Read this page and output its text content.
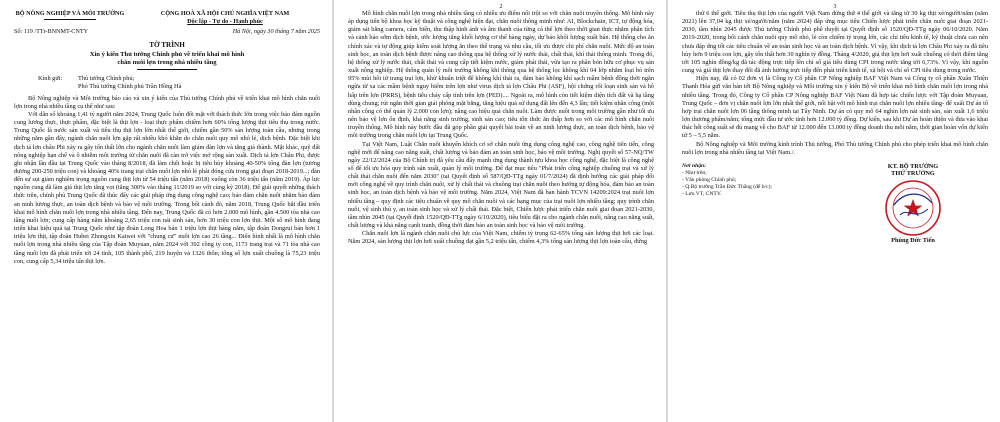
BỘ NÔNG NGHIỆP VÀ MÔI TRƯỜNG	CỘNG HOÀ XÃ HỘI CHỦ NGHĨA VIỆT NAM
Độc lập - Tự do - Hạnh phúc
Số: 119 /TTr-BNNMT-CNTY	Hà Nội, ngày 30 tháng 7 năm 2025
TỜ TRÌNH
Xin ý kiến Thủ tướng Chính phủ về triển khai mô hình
chăn nuôi lợn trong nhà nhiều tầng
Kính gửi:	Thủ tướng Chính phủ;
Phó Thủ tướng Chính phủ Trần Hồng Hà

Bộ Nông nghiệp và Môi trường báo cáo và xin ý kiến của Thủ tướng Chính phủ về triển khai mô hình chăn nuôi lợn trong nhà nhiều tầng cụ thể như sau:

Với dân số khoảng 1,41 tỷ người năm 2024, Trung Quốc luôn đối mặt với thách thức lớn trong việc bảo đảm nguồn cung lương thực, thực phẩm, đặc biệt là thịt lợn - loại thực phẩm chiếm hơn 60% tổng lượng thịt tiêu thụ trong nước. Trung Quốc là nước sản xuất và tiêu thụ thịt lợn lớn nhất thế giới, chiếm gần 50% sản lượng toàn cầu, nhưng trong những năm gần đây, ngành chăn nuôi lợn gặp rất nhiều khó khăn do chăn nuôi quy mô nhỏ lẻ, dịch bệnh. Đặc biệt khi dịch tả lợn châu Phi xảy ra gây tổn thất lớn cho ngành chăn nuôi làm giảm đàn lợn và tăng giá thành. Mặt khác, quỹ đất nông nghiệp hạn chế và ô nhiễm môi trường từ chăn nuôi đã càn trở việc mở rộng sản xuất. Dịch tả lợn Châu Phi, được ghi nhận lần đầu tại Trung Quốc vào tháng 8/2018, đã làm chết hoặc bị tiêu hủy khoảng 40-50% tổng đàn lợn (tương đương 200-250 triệu con) và khoảng 40% trang trại chăn nuôi lợn nhỏ lẻ phải đóng cửa trong giai đoạn 2018-2019...; đàn đến sự sụt giảm nghiêm trọng nguồn cung thịt lợn từ 54 triệu tấn (năm 2018) xuống còn 36 triệu tấn (năm 2019). Áp lực nguồn cung đã làm giá thịt lợn tăng vọt (tăng 300% vào tháng 11/2019 so với cùng kỳ 2018). Để giải quyết những thách thức trên, chính phủ Trung Quốc đã thúc đẩy các giải pháp ứng dụng công nghệ cao; bảo đảm chăn nuôi nhằm bảo đảm an ninh lương thực, an toàn dịch bệnh và bảo vệ môi trường. Trong bối cảnh đó, năm 2018, Trung Quốc bắt đầu triển khai mô hình chăn nuôi lợn trong nhà nhiều tầng. Đến nay, Trung Quốc đã có hơn 2.000 mô hình, gần 4.500 tòa nhà cao tầng nuôi lợn; cung cấp hàng năm khoảng 2,65 triệu con nái sinh sản, hơn 30 triệu con lợn thịt. Một số mô hình đang triển khai hiệu quả tại Trung Quốc như tập đoàn Long Hoa bán 1 triệu lợn thịt hàng năm, tập đoàn Dongrui bán hơn 1 triệu lợn thịt, tập đoàn Hubei Zhongxin Kaiwei với "chung cư" nuôi lợn cao 26 tầng... Điển hình nhất là mô hình chăn nuôi lợn trong nhà nhiều tầng của Tập đoàn Muyuan, năm 2024 với 392 công ty con, 1173 trang trại và 71 tòa nhà cao tầng nuôi lợn đã phát triển tới 24 tỉnh, 105 thành phố, 219 huyện và 1326 thôn; tổng số lợn xuất chuồng là 75,23 triệu con, cung cấp 5,34 triệu tấn thịt lợn.

2

Mô hình chăn nuôi lợn trong nhà nhiều tầng có nhiều ưu điểm nổi trội so với chăn nuôi truyền thống. Mô hình này áp dụng tiến bộ khoa học kỹ thuật và công nghệ hiện đại, chăn nuôi thông minh như: AI, Blockchain, ICT, tự động hóa, giám sát bằng camera, cảm biến, thu thập hình ảnh và âm thanh của từng cá thể lợn theo thời gian thực nhằm phân tích và cảnh báo sớm dịch bệnh, ước lượng tăng khối lượng cơ thể hàng ngày, dự báo khối lượng xuất bán. Hệ thống cho ăn chính xác và tự động giúp kiểm soát lượng ăn theo thể trạng và nhu cầu, tối ưu được chi phí chăn nuôi. Mức độ an toàn sinh học, an toàn dịch bệnh được nâng cao thông qua hệ thống xử lý nước thải, chất thải, khí thải thông minh. Trong đó, hệ thống xử lý nước thải, chất thải và cung cấp tiết kiệm nước, giảm phát thải, vừa tạo ra phân bón hữu cơ phục vụ sản xuất nông nghiệp. Hệ thống quản lý môi trường không khí thông qua hệ thống lọc không khí 04 lớp nhằm loại bỏ trên 95% mùi hôi từ trang trại lợn, khử khuẩn triệt để không khí thải ra, đảm bảo không khí sạch mầm bệnh đồng thời ngăn ngừa từ xa các mầm bệnh nguy hiểm trên lợn như virus dịch tả lợn Châu Phi (ASF), hội chứng rối loạn sinh sản và hô hấp trên lợn (PRRS), bệnh tiêu chảy cấp tính trên lợn (PED).... Ngoài ra, mô hình còn tiết kiệm diện tích đất và hạ tầng dùng chung; rút ngắn thời gian giải phóng mặt bằng, tăng hiệu quả sử dụng đất lên đến 4,3 lần; tiết kiệm nhân công (một nhân công có thể quản lý 2.000 con lợn); nâng cao hiệu quả chăn nuôi. Làm được nuôi trong môi trường gần như tối ưu nên bảo vệ lợn ổn định, khả năng sinh trưởng, sinh sản cao; tiêu tốn thức ăn thấp hơn so với các mô hình chăn nuôi truyền thống. Mô hình này bước đầu đã góp phần giải quyết bài toán về an ninh lương thực, an toàn dịch bệnh, bảo vệ môi trường trong chăn nuôi lợn tại Trung Quốc.

Tại Việt Nam, Luật Chăn nuôi khuyến khích cơ sở chăn nuôi ứng dụng công nghệ cao, công nghệ tiên tiến, công nghệ mới để nâng cao năng suất, chất lượng và bảo đảm an toàn sinh học, bảo vệ môi trường. Nghị quyết số 57-NQ/TW ngày 22/12/2024 của Bộ Chính trị đã yêu cầu đẩy mạnh ứng dụng thành tựu khoa học công nghệ, đặc biệt là công nghệ số để tối ưu hóa quy trình sản xuất, quản lý môi trường. Để đạt mục tiêu "Phát triển công nghiệp chuồng trại và xử lý chất thải chăn nuôi đến năm 2030" (tại Quyết định số 587/QĐ-TTg ngày 01/7/2024) đã định hướng các giải pháp đổi mới công nghệ về quy trình chăn nuôi, xử lý chất thải và chuồng trại chăn nuôi theo hướng tự động hóa, đảm bảo an toàn sinh học, an toàn dịch bệnh và bảo vệ môi trường. Năm 2024, Việt Nam đã ban hành TCVN 14209:2024 trại nuôi lợn nhiều tầng – quy định các tiêu chuẩn về quy mô chăn nuôi và các hạng mục của trại nuôi lợn nhiều tầng; quy trình chăn nuôi, vệ sinh thú y, an toàn sinh học và xử lý chất thải. Đặc biệt, Chiến lược phát triển chăn nuôi giai đoạn 2021-2030, tầm nhìn 2045 (tại Quyết định 1520/QĐ-TTg ngày 6/10/2020), tiêu biểu đặt ra cho ngành chăn nuôi, nâng cao năng suất, chất lượng và khả năng cạnh tranh, đồng thời đảm bảo an toàn sinh học và bảo vệ môi trường.

Chăn nuôi lợn là ngành chăn nuôi chủ lực của Việt Nam, chiếm tỷ trọng 62-65% tổng sản lượng thịt hơi các loại. Năm 2024, sản lượng thịt lợn hơi xuất chuồng đạt gần 5,2 triệu tấn, chiếm 4,3% tổng sản lượng thịt lợn toàn cầu, đứng

3

thứ 6 thế giới. Tiêu thụ thịt lợn của người Việt Nam đứng thứ 4 thế giới và tăng từ 30 kg thịt xẻ/người/năm (năm 2021) lên 37,04 kg thịt xẻ/người/năm (năm 2024) đáp ứng mục tiêu Chiến lược phát triển chăn nuôi giai đoạn 2021-2030, tầm nhìn 2045 được Thủ tướng Chính phủ phê duyệt tại Quyết định số 1520/QĐ-TTg ngày 06/10/2020. Năm 2019-2020, trong bối cảnh chăn nuôi quy mô nhỏ, lẻ còn chiếm tỷ trọng lớn, các chỉ tiêu kinh tế, kỹ thuật chưa cao nên chưa đáp ứng tốt các tiêu chuẩn về an toàn sinh học và an toàn dịch bệnh. Vì vậy, khi dịch tả lợn Châu Phi xảy ra đã tiêu hủy hơn 9 triệu con lợn, gây tổn thất hơn 30 nghìn tỷ đồng. Tháng 4/2020, giá thịt lợn hơi xuất chuồng có thời điểm tăng tới 105 nghìn đồng/kg đã tác động trực tiếp lên chỉ số giá tiêu dùng CPI trong nước tăng tới 6,73%. Vì vậy, khi nguồn cung và giá thịt lợn thay đổi đã ảnh hưởng trực tiếp đến phát triển kinh tế, xã hội và chỉ số CPI tiêu dùng trong nước.

Hiện nay, đã có 02 đơn vị là Công ty Cổ phần CP Nông nghiệp BAF Việt Nam và Công ty cổ phần Xuân Thiện Thanh Hóa gửi văn bản tới Bộ Nông nghiệp và Môi trường xin ý kiến Bộ về triển khai mô hình chăn nuôi lợn trong nhà nhiều tầng. Trong đó, Công ty Cổ phần CP Nông nghiệp BAF Việt Nam đã hợp tác chiến lược với Tập đoàn Muyuan, Trung Quốc – đơn vị chăn nuôi lợn lớn nhất thế giới, nổi bật với mô hình trại chăn nuôi lợn nhiều tầng- để xuất Dự án tổ hợp trại chăn nuôi lợn 06 tầng thông minh tại Tây Ninh. Dự án có quy mô 64 nghìn lợn nái sinh sản, sản xuất 1,6 triệu lợn thương phẩm/năm; tổng mức đầu tư ước tính hơn 12.000 tỷ đồng. Dự kiến, sau khi Dự án hoàn thiện và đưa vào khai thác hết công suất sẽ đủ mang về cho BAF từ 12.000 đến 13.000 tỷ đồng doanh thu mỗi năm, thời gian hoàn vốn dự kiến từ 5 – 5,5 năm.

Bộ Nông nghiệp và Môi trường kính trình Thủ tướng, Phó Thủ tướng Chính phủ cho phép triển khai mô hình chăn nuôi lợn trong nhà nhiều tầng tại Việt Nam./.

Nơi nhận:
- Như trên;
- Văn phòng Chính phủ;
- Q.Bộ trưởng Trần Đức Thắng (để b/c);
- Lưu VT, CNTY.
KT. BỘ TRƯỞNG
THỨ TRƯỞNG
Phùng Đức Tiến
